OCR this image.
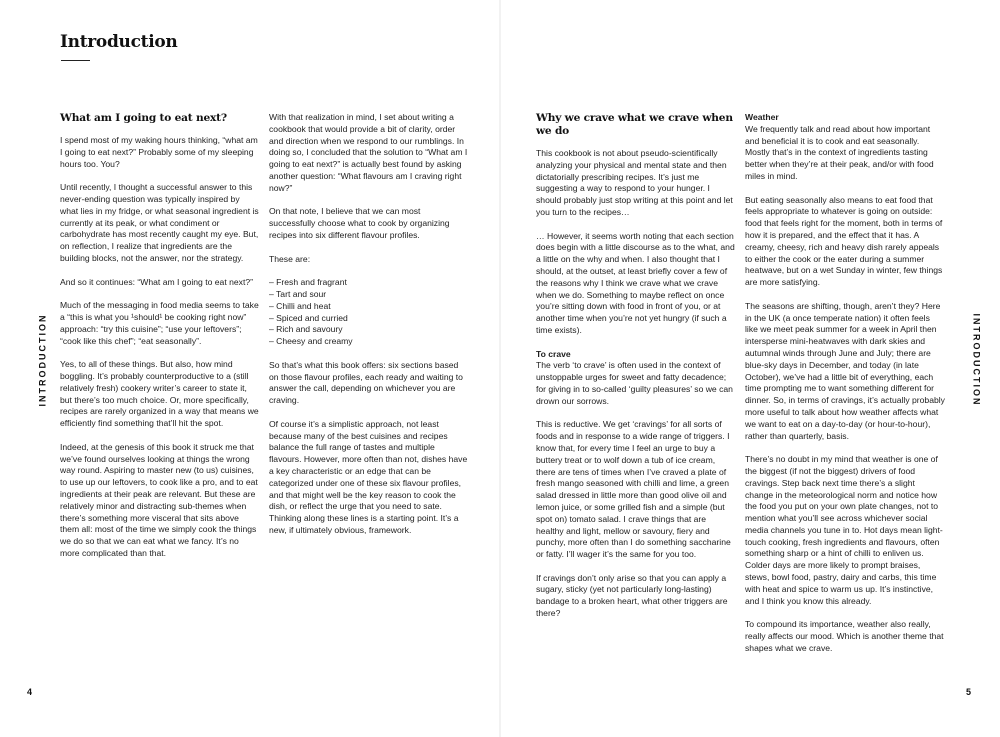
Introduction

What am I going to eat next?

I spend most of my waking hours thinking, “what am I going to eat next?” Probably some of my sleeping hours too. You?

Until recently, I thought a successful answer to this never-ending question was typically inspired by what lies in my fridge, or what seasonal ingredient is currently at its peak, or what condiment or carbohydrate has most recently caught my eye. But, on reflection, I realize that ingredients are the building blocks, not the answer, nor the strategy.

And so it continues: “What am I going to eat next?”

Much of the messaging in food media seems to take a “this is what you ¹should¹ be cooking right now” approach: “try this cuisine”; “use your leftovers”; “cook like this chef”; “eat seasonally”.

Yes, to all of these things. But also, how mind boggling. It’s probably counterproductive to a (still relatively fresh) cookery writer’s career to state it, but there’s too much choice. Or, more specifically, recipes are rarely organized in a way that means we efficiently find something that’ll hit the spot.

Indeed, at the genesis of this book it struck me that we’ve found ourselves looking at things the wrong way round. Aspiring to master new (to us) cuisines, to use up our leftovers, to cook like a pro, and to eat ingredients at their peak are relevant. But these are relatively minor and distracting sub-themes when there’s something more visceral that sits above them all: most of the time we simply cook the things we do so that we can eat what we fancy. It’s no more complicated than that.

With that realization in mind, I set about writing a cookbook that would provide a bit of clarity, order and direction when we respond to our rumblings. In doing so, I concluded that the solution to “What am I going to eat next?” is actually best found by asking another question: “What flavours am I craving right now?”

On that note, I believe that we can most successfully choose what to cook by organizing recipes into six different flavour profiles.

These are:

– Fresh and fragrant
– Tart and sour
– Chilli and heat
– Spiced and curried
– Rich and savoury
– Cheesy and creamy

So that’s what this book offers: six sections based on those flavour profiles, each ready and waiting to answer the call, depending on whichever you are craving.

Of course it’s a simplistic approach, not least because many of the best cuisines and recipes balance the full range of tastes and multiple flavours. However, more often than not, dishes have a key characteristic or an edge that can be categorized under one of these six flavour profiles, and that might well be the key reason to cook the dish, or reflect the urge that you need to sate. Thinking along these lines is a starting point. It’s a new, if ultimately obvious, framework.

Why we crave what we crave when we do

This cookbook is not about pseudo-scientifically analyzing your physical and mental state and then dictatorially prescribing recipes. It’s just me suggesting a way to respond to your hunger. I should probably just stop writing at this point and let you turn to the recipes…

… However, it seems worth noting that each section does begin with a little discourse as to the what, and a little on the why and when. I also thought that I should, at the outset, at least briefly cover a few of the reasons why I think we crave what we crave when we do. Something to maybe reflect on once you’re sitting down with food in front of you, or at another time when you’re not yet hungry (if such a time exists).

To crave

The verb ‘to crave’ is often used in the context of unstoppable urges for sweet and fatty decadence; for giving in to so-called ‘guilty pleasures’ so we can drown our sorrows.

This is reductive. We get ‘cravings’ for all sorts of foods and in response to a wide range of triggers. I know that, for every time I feel an urge to buy a buttery treat or to wolf down a tub of ice cream, there are tens of times when I’ve craved a plate of fresh mango seasoned with chilli and lime, a green salad dressed in little more than good olive oil and lemon juice, or some grilled fish and a simple (but spot on) tomato salad. I crave things that are healthy and light, mellow or savoury, fiery and punchy, more often than I do something saccharine or fatty. I’ll wager it’s the same for you too.

If cravings don’t only arise so that you can apply a sugary, sticky (yet not particularly long-lasting) bandage to a broken heart, what other triggers are there?

Weather

We frequently talk and read about how important and beneficial it is to cook and eat seasonally. Mostly that’s in the context of ingredients tasting better when they’re at their peak, and/or with food miles in mind.

But eating seasonally also means to eat food that feels appropriate to whatever is going on outside: food that feels right for the moment, both in terms of how it is prepared, and the effect that it has. A creamy, cheesy, rich and heavy dish rarely appeals to either the cook or the eater during a summer heatwave, but on a wet Sunday in winter, few things are more satisfying.

The seasons are shifting, though, aren’t they? Here in the UK (a once temperate nation) it often feels like we meet peak summer for a week in April then intersperse mini-heatwaves with dark skies and autumnal winds through June and July; there are blue-sky days in December, and today (in late October), we’ve had a little bit of everything, each time prompting me to want something different for dinner. So, in terms of cravings, it’s actually probably more useful to talk about how weather affects what we want to eat on a day-to-day (or hour-to-hour), rather than quarterly, basis.

There’s no doubt in my mind that weather is one of the biggest (if not the biggest) drivers of food cravings. Step back next time there’s a slight change in the meteorological norm and notice how the food you put on your own plate changes, not to mention what you’ll see across whichever social media channels you tune in to. Hot days mean light-touch cooking, fresh ingredients and flavours, often something sharp or a hint of chilli to enliven us. Colder days are more likely to prompt braises, stews, bowl food, pastry, dairy and carbs, this time with heat and spice to warm us up. It’s instinctive, and I think you know this already.

To compound its importance, weather also really, really affects our mood. Which is another theme that shapes what we crave.

INTRODUCTION	INTRODUCTION
4	5
